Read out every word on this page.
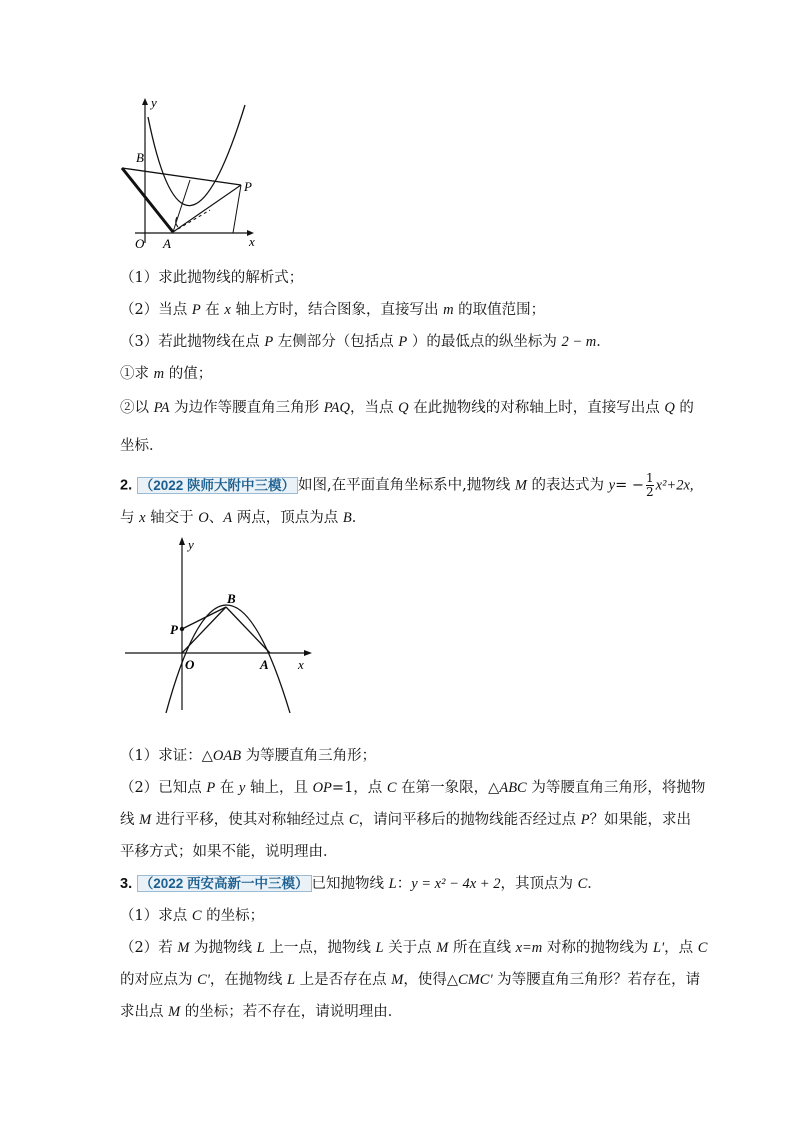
y
x
B
P
O A
（1）求此抛物线的解析式；
（2）当点 P 在 x 轴上方时，结合图象，直接写出 m 的取值范围；
（3）若此抛物线在点 P 左侧部分（包括点 P ）的最低点的纵坐标为 2 − m．
①求 m 的值；
②以 PA 为边作等腰直角三角形 PAQ，当点 Q 在此抛物线的对称轴上时，直接写出点 Q 的
坐标．
2. （2022 陕师大附中三模） 如图,在平面直角坐标系中,抛物线 M 的表达式为 $y= - \frac{1}{2} x^2+2x$,
与 x 轴交于 O、A 两点，顶点为点 B．
y
x
B
P
O	A
（1）求证：△OAB 为等腰直角三角形；
（2）已知点 P 在 y 轴上，且 OP=1，点 C 在第一象限，△ABC 为等腰直角三角形，将抛物
线 M 进行平移，使其对称轴经过点 C，请问平移后的抛物线能否经过点 P？如果能，求出
平移方式；如果不能，说明理由．
3. （2022 西安高新一中三模） 已知抛物线 L：y = x² − 4x + 2，其顶点为 C．
（1）求点 C 的坐标；
（2）若 M 为抛物线 L 上一点，抛物线 L 关于点 M 所在直线 x=m 对称的抛物线为 L'，点 C
的对应点为 C'，在抛物线 L 上是否存在点 M，使得△CMC' 为等腰直角三角形？若存在，请
求出点 M 的坐标；若不存在，请说明理由．
